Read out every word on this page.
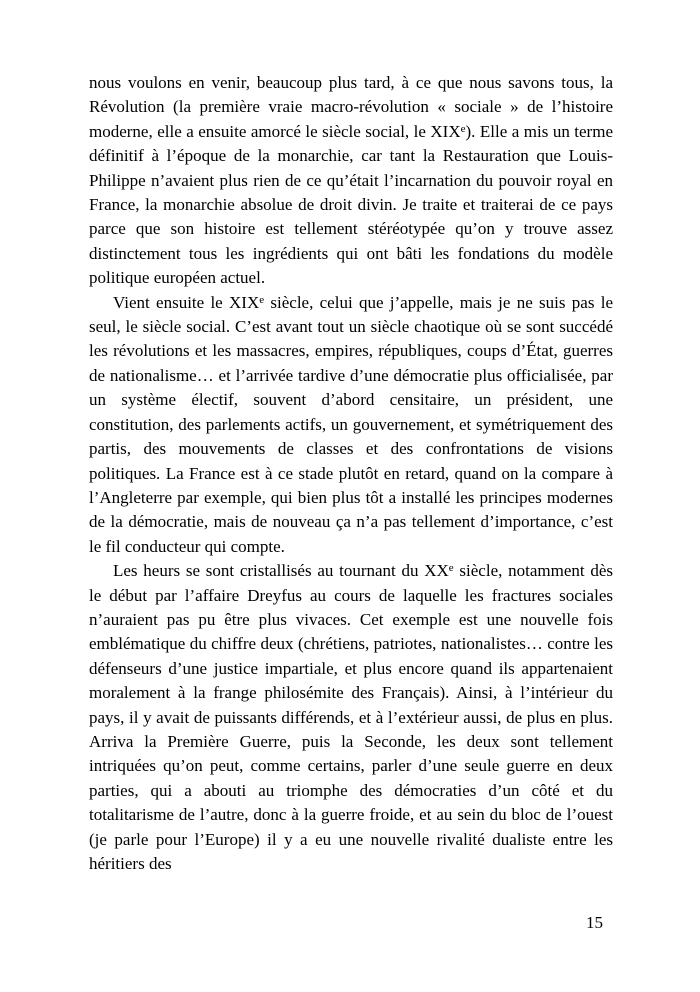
nous voulons en venir, beaucoup plus tard, à ce que nous savons tous, la Révolution (la première vraie macro-révolution « sociale » de l’histoire moderne, elle a ensuite amorcé le siècle social, le XIXe). Elle a mis un terme définitif à l’époque de la monarchie, car tant la Restauration que Louis-Philippe n’avaient plus rien de ce qu’était l’incarnation du pouvoir royal en France, la monarchie absolue de droit divin. Je traite et traiterai de ce pays parce que son histoire est tellement stéréotypée qu’on y trouve assez distinctement tous les ingrédients qui ont bâti les fondations du modèle politique européen actuel.

Vient ensuite le XIXe siècle, celui que j’appelle, mais je ne suis pas le seul, le siècle social. C’est avant tout un siècle chaotique où se sont succédé les révolutions et les massacres, empires, républiques, coups d’État, guerres de nationalisme… et l’arrivée tardive d’une démocratie plus officialisée, par un système électif, souvent d’abord censitaire, un président, une constitution, des parlements actifs, un gouvernement, et symétriquement des partis, des mouvements de classes et des confrontations de visions politiques. La France est à ce stade plutôt en retard, quand on la compare à l’Angleterre par exemple, qui bien plus tôt a installé les principes modernes de la démocratie, mais de nouveau ça n’a pas tellement d’importance, c’est le fil conducteur qui compte.

Les heurs se sont cristallisés au tournant du XXe siècle, notamment dès le début par l’affaire Dreyfus au cours de laquelle les fractures sociales n’auraient pas pu être plus vivaces. Cet exemple est une nouvelle fois emblématique du chiffre deux (chrétiens, patriotes, nationalistes… contre les défenseurs d’une justice impartiale, et plus encore quand ils appartenaient moralement à la frange philosémite des Français). Ainsi, à l’intérieur du pays, il y avait de puissants différends, et à l’extérieur aussi, de plus en plus. Arriva la Première Guerre, puis la Seconde, les deux sont tellement intriquées qu’on peut, comme certains, parler d’une seule guerre en deux parties, qui a abouti au triomphe des démocraties d’un côté et du totalitarisme de l’autre, donc à la guerre froide, et au sein du bloc de l’ouest (je parle pour l’Europe) il y a eu une nouvelle rivalité dualiste entre les héritiers des

15
